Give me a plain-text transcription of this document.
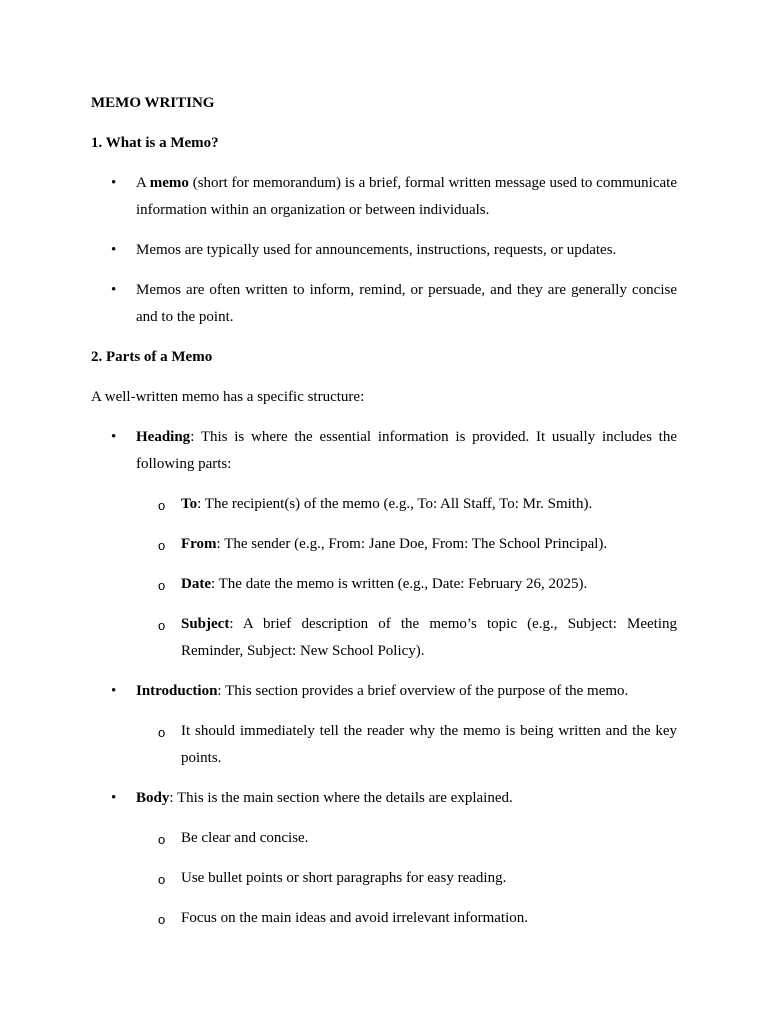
MEMO WRITING
1. What is a Memo?
• A memo (short for memorandum) is a brief, formal written message used to communicate information within an organization or between individuals.
• Memos are typically used for announcements, instructions, requests, or updates.
• Memos are often written to inform, remind, or persuade, and they are generally concise and to the point.
2. Parts of a Memo

A well-written memo has a specific structure:

• Heading: This is where the essential information is provided. It usually includes the following parts:
o To: The recipient(s) of the memo (e.g., To: All Staff, To: Mr. Smith).
o From: The sender (e.g., From: Jane Doe, From: The School Principal).
o Date: The date the memo is written (e.g., Date: February 26, 2025).
o Subject: A brief description of the memo’s topic (e.g., Subject: Meeting Reminder, Subject: New School Policy).
• Introduction: This section provides a brief overview of the purpose of the memo.
o It should immediately tell the reader why the memo is being written and the key points.
• Body: This is the main section where the details are explained.
o Be clear and concise.
o Use bullet points or short paragraphs for easy reading.
o Focus on the main ideas and avoid irrelevant information.
